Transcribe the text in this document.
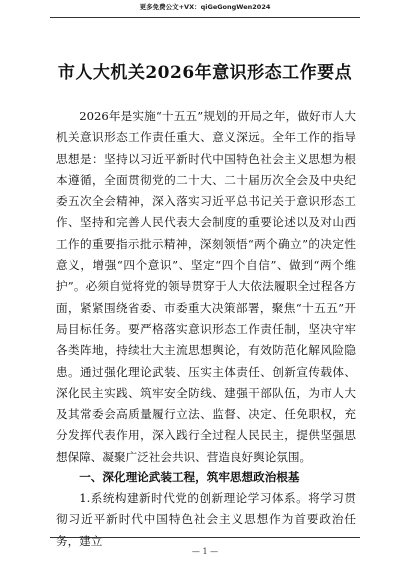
更多免费公文+VX：qiGeGongWen2024
市人大机关2026年意识形态工作要点

2026年是实施“十五五”规划的开局之年，做好市人大机关意识形态工作责任重大、意义深远。全年工作的指导思想是：坚持以习近平新时代中国特色社会主义思想为根本遵循，全面贯彻党的二十大、二十届历次全会及中央纪委五次全会精神，深入落实习近平总书记关于意识形态工作、坚持和完善人民代表大会制度的重要论述以及对山西工作的重要指示批示精神，深刻领悟“两个确立”的决定性意义，增强“四个意识”、坚定“四个自信”、做到“两个维护”。必须自觉将党的领导贯穿于人大依法履职全过程各方面，紧紧围绕省委、市委重大决策部署，聚焦“十五五”开局目标任务。要严格落实意识形态工作责任制，坚决守牢各类阵地，持续壮大主流思想舆论，有效防范化解风险隐患。通过强化理论武装、压实主体责任、创新宣传载体、深化民主实践、筑牢安全防线、建强干部队伍，为市人大及其常委会高质量履行立法、监督、决定、任免职权，充分发挥代表作用，深入践行全过程人民民主，提供坚强思想保障、凝聚广泛社会共识、营造良好舆论氛围。

一、深化理论武装工程，筑牢思想政治根基

1.系统构建新时代党的创新理论学习体系。将学习贯彻习近平新时代中国特色社会主义思想作为首要政治任务，建立

— 1 —
